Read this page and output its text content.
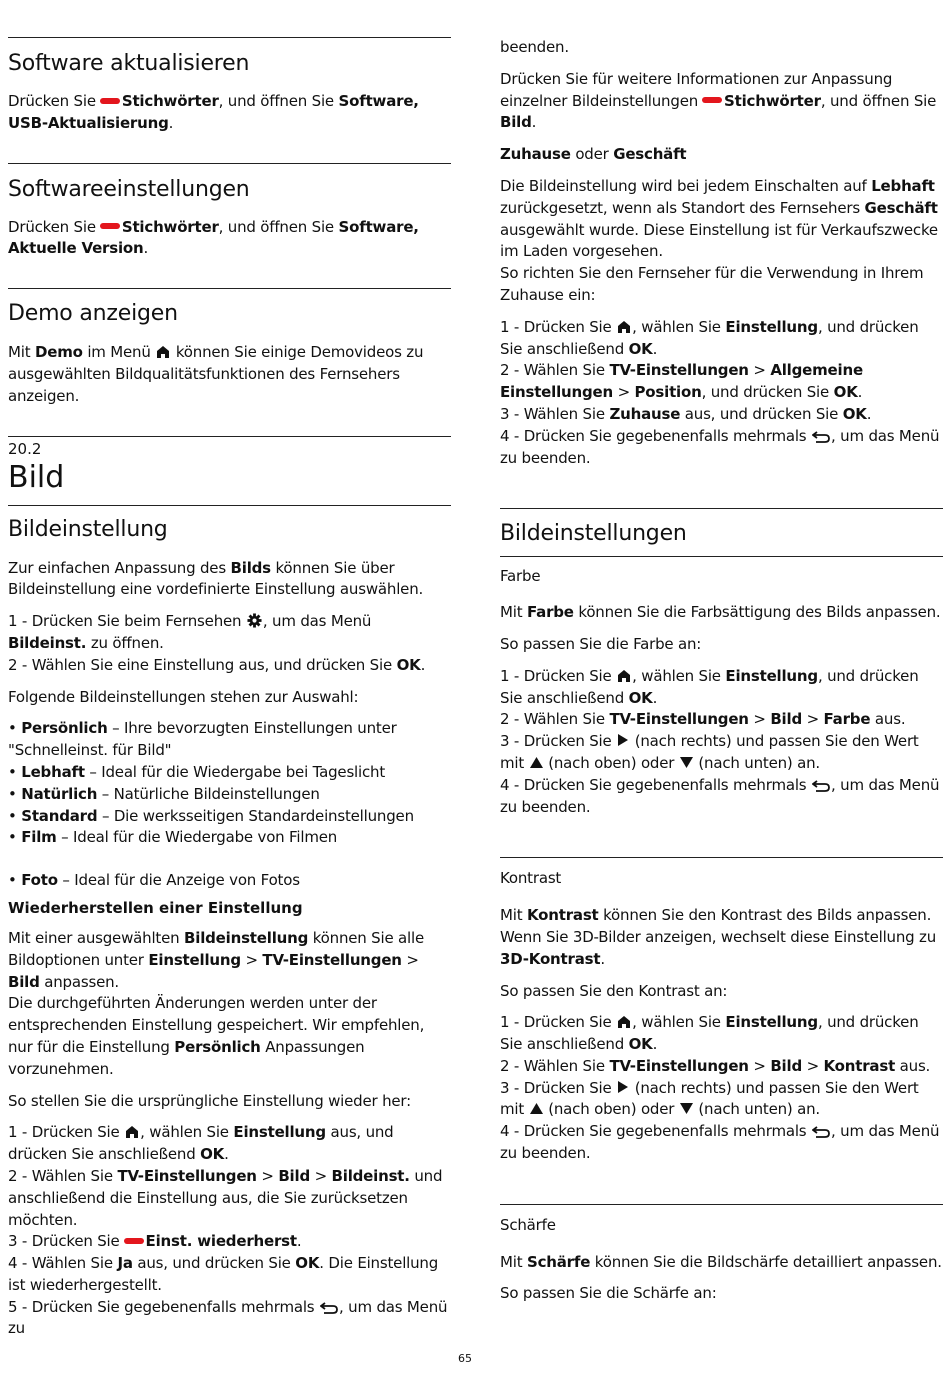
Software aktualisieren

Drücken Sie Stichwörter, und öffnen Sie Software, USB-Aktualisierung.

Softwareeinstellungen

Drücken Sie Stichwörter, und öffnen Sie Software, Aktuelle Version.

Demo anzeigen

Mit Demo im Menü können Sie einige Demovideos zu ausgewählten Bildqualitätsfunktionen des Fernsehers anzeigen.

20.2
Bild
Bildeinstellung

Zur einfachen Anpassung des Bilds können Sie über Bildeinstellung eine vordefinierte Einstellung auswählen.

1 - Drücken Sie beim Fernsehen , um das Menü Bildeinst. zu öffnen.

2 - Wählen Sie eine Einstellung aus, und drücken Sie OK.

Folgende Bildeinstellungen stehen zur Auswahl:

• Persönlich – Ihre bevorzugten Einstellungen unter "Schnelleinst. für Bild"
• Lebhaft – Ideal für die Wiedergabe bei Tageslicht
• Natürlich – Natürliche Bildeinstellungen
• Standard – Die werksseitigen Standardeinstellungen
• Film – Ideal für die Wiedergabe von Filmen
• Foto – Ideal für die Anzeige von Fotos
Wiederherstellen einer Einstellung
Mit einer ausgewählten Bildeinstellung können Sie alle Bildoptionen unter Einstellung > TV-Einstellungen > Bild anpassen.

Die durchgeführten Änderungen werden unter der entsprechenden Einstellung gespeichert. Wir empfehlen, nur für die Einstellung Persönlich Anpassungen vorzunehmen.

So stellen Sie die ursprüngliche Einstellung wieder her:

1 - Drücken Sie , wählen Sie Einstellung aus, und drücken Sie anschließend OK.
2 - Wählen Sie TV-Einstellungen > Bild > Bildeinst. und anschließend die Einstellung aus, die Sie zurücksetzen möchten.
3 - Drücken Sie Einst. wiederherst.
4 - Wählen Sie Ja aus, und drücken Sie OK. Die Einstellung ist wiederhergestellt.
5 - Drücken Sie gegebenenfalls mehrmals , um das Menü zu

beenden.

Drücken Sie für weitere Informationen zur Anpassung einzelner Bildeinstellungen Stichwörter, und öffnen Sie Bild.

Zuhause oder Geschäft

Die Bildeinstellung wird bei jedem Einschalten auf Lebhaft zurückgesetzt, wenn als Standort des Fernsehers Geschäft ausgewählt wurde. Diese Einstellung ist für Verkaufszwecke im Laden vorgesehen.

So richten Sie den Fernseher für die Verwendung in Ihrem Zuhause ein:

1 - Drücken Sie , wählen Sie Einstellung, und drücken Sie anschließend OK.
2 - Wählen Sie TV-Einstellungen > Allgemeine Einstellungen > Position, und drücken Sie OK.
3 - Wählen Sie Zuhause aus, und drücken Sie OK.
4 - Drücken Sie gegebenenfalls mehrmals , um das Menü zu beenden.
Bildeinstellungen

Farbe

Mit Farbe können Sie die Farbsättigung des Bilds anpassen.

So passen Sie die Farbe an:

1 - Drücken Sie , wählen Sie Einstellung, und drücken Sie anschließend OK.
2 - Wählen Sie TV-Einstellungen > Bild > Farbe aus.
3 - Drücken Sie (nach rechts) und passen Sie den Wert mit (nach oben) oder (nach unten) an.
4 - Drücken Sie gegebenenfalls mehrmals , um das Menü zu beenden.

Kontrast

Mit Kontrast können Sie den Kontrast des Bilds anpassen. Wenn Sie 3D-Bilder anzeigen, wechselt diese Einstellung zu 3D-Kontrast.

So passen Sie den Kontrast an:

1 - Drücken Sie , wählen Sie Einstellung, und drücken Sie anschließend OK.
2 - Wählen Sie TV-Einstellungen > Bild > Kontrast aus.
3 - Drücken Sie (nach rechts) und passen Sie den Wert mit (nach oben) oder (nach unten) an.
4 - Drücken Sie gegebenenfalls mehrmals , um das Menü zu beenden.

Schärfe

Mit Schärfe können Sie die Bildschärfe detailliert anpassen.

So passen Sie die Schärfe an:

65
